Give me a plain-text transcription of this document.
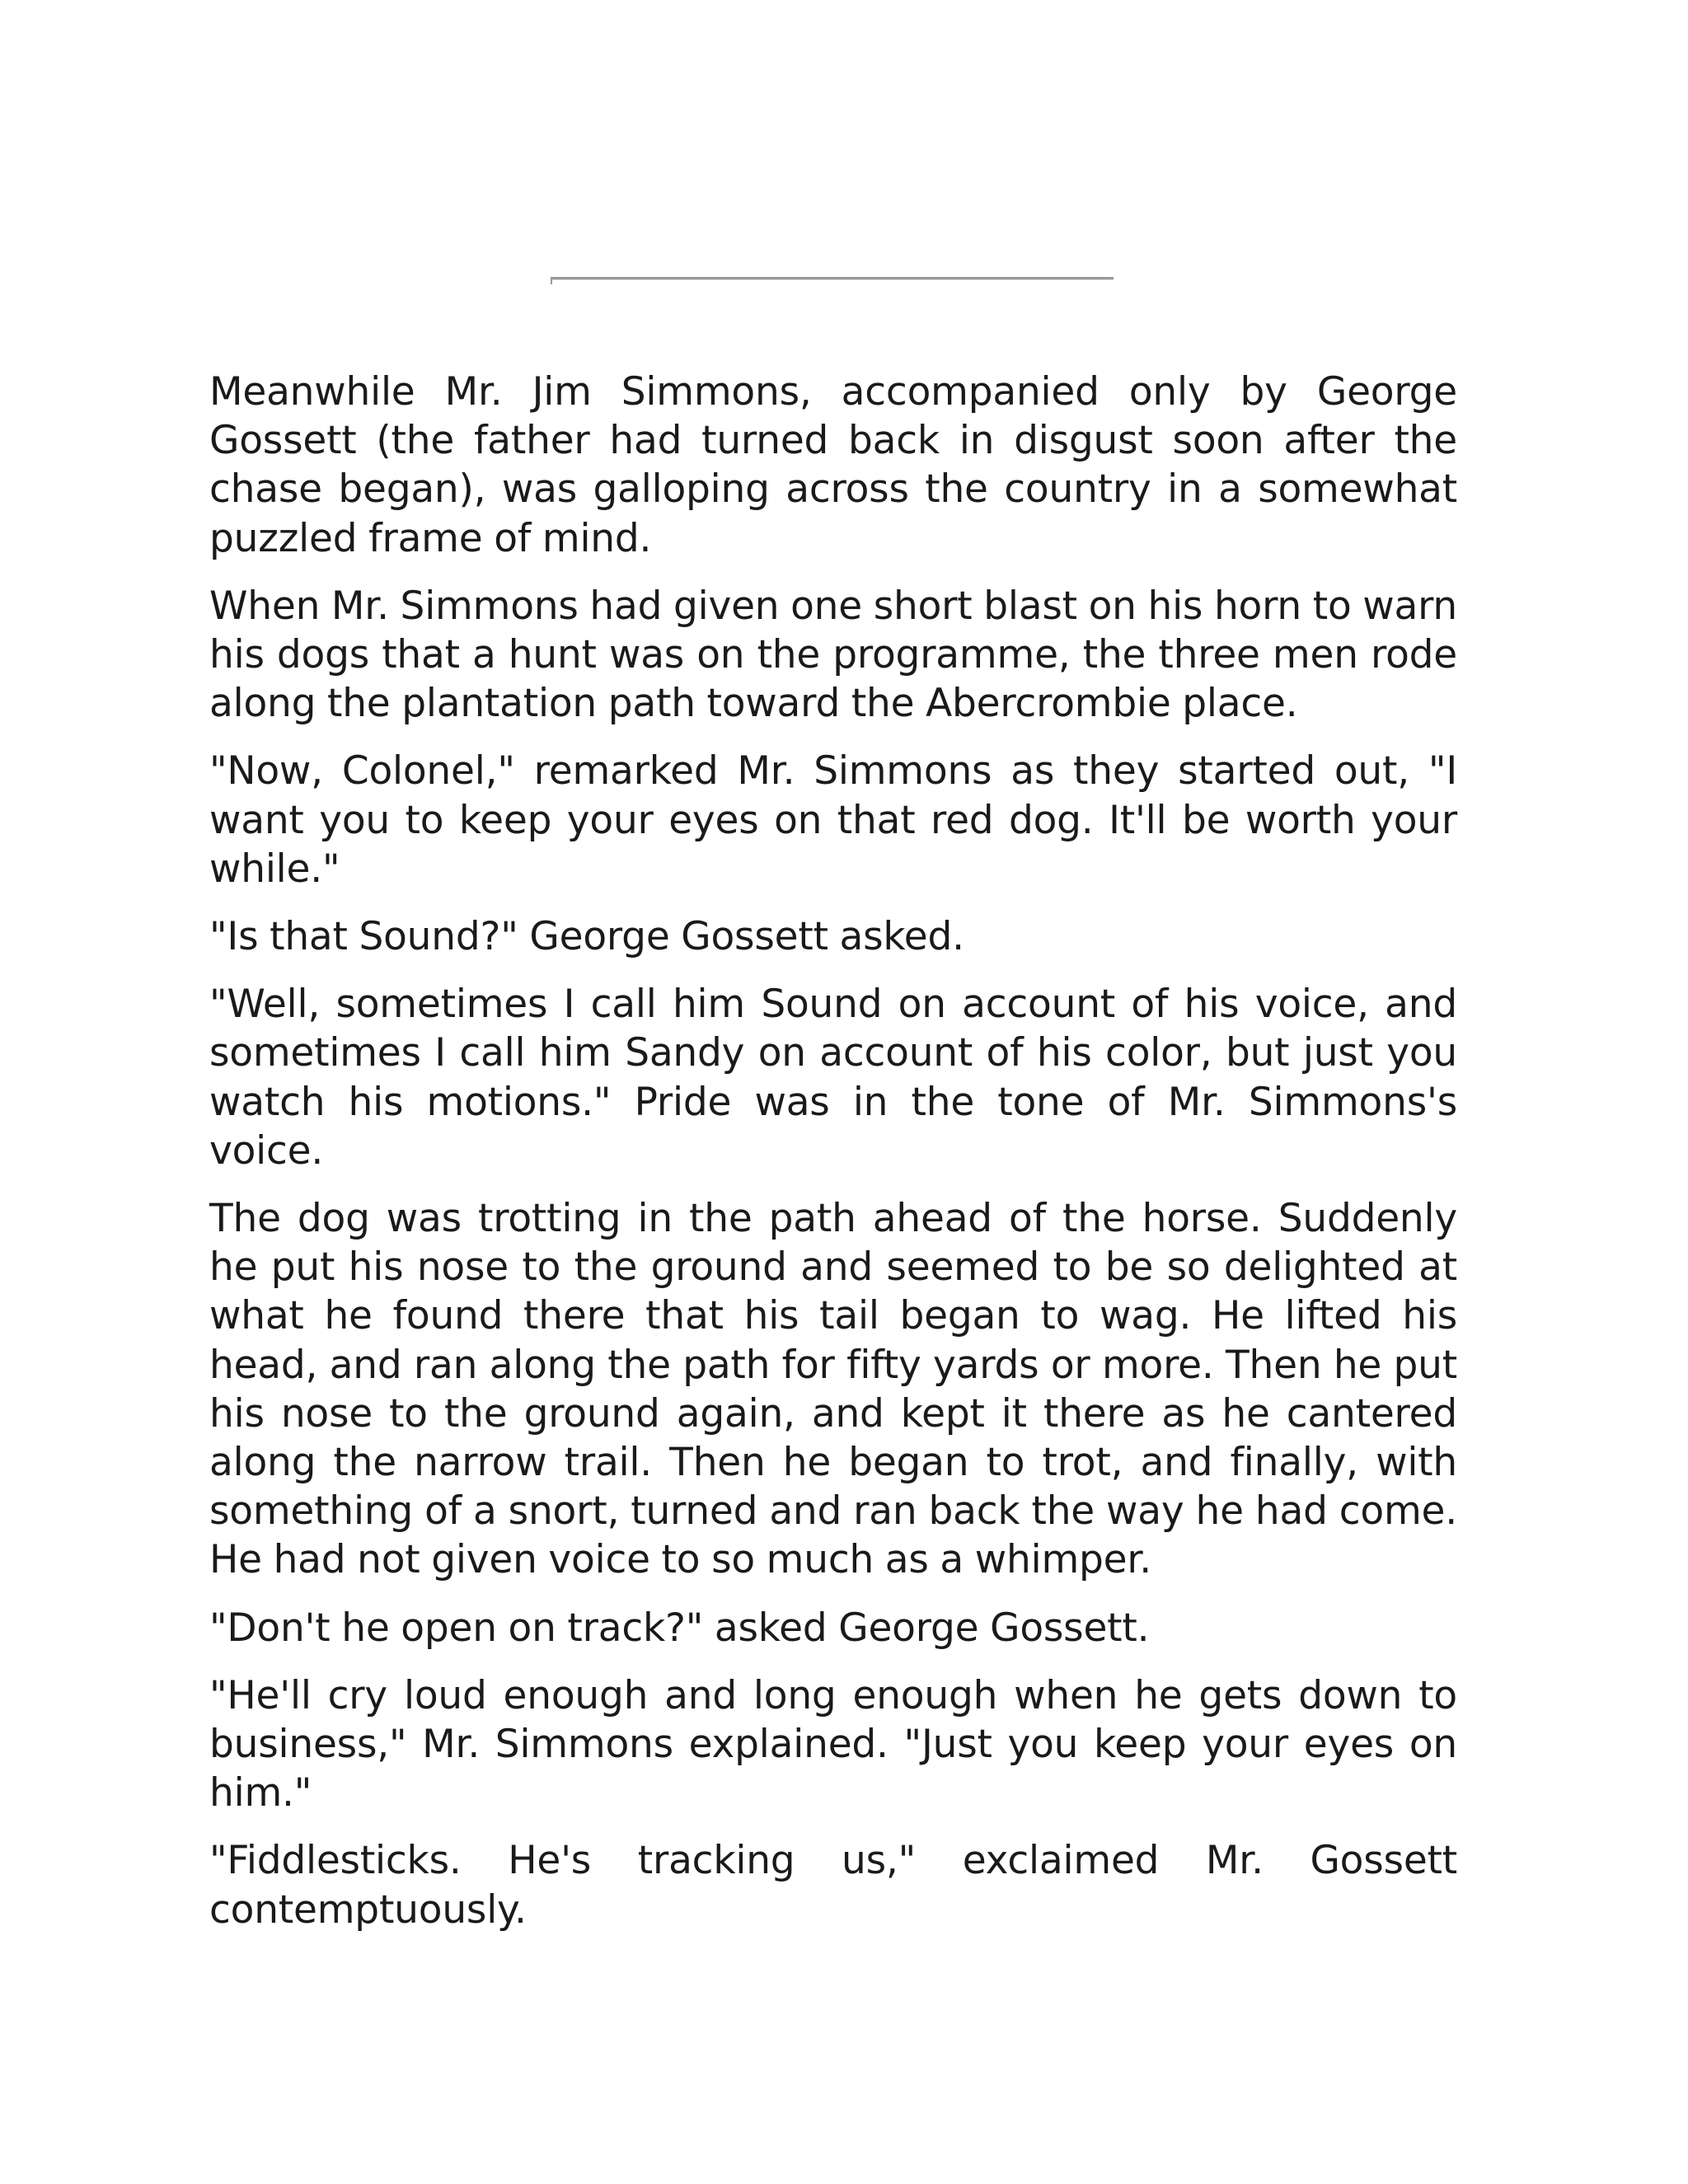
Meanwhile Mr. Jim Simmons, accompanied only by George Gossett (the father had turned back in disgust soon after the chase began), was galloping across the country in a somewhat puzzled frame of mind.

When Mr. Simmons had given one short blast on his horn to warn his dogs that a hunt was on the programme, the three men rode along the plantation path toward the Abercrombie place.

"Now, Colonel," remarked Mr. Simmons as they started out, "I want you to keep your eyes on that red dog. It'll be worth your while."

"Is that Sound?" George Gossett asked.

"Well, sometimes I call him Sound on account of his voice, and sometimes I call him Sandy on account of his color, but just you watch his motions." Pride was in the tone of Mr. Simmons's voice.

The dog was trotting in the path ahead of the horse. Suddenly he put his nose to the ground and seemed to be so delighted at what he found there that his tail began to wag. He lifted his head, and ran along the path for fifty yards or more. Then he put his nose to the ground again, and kept it there as he cantered along the narrow trail. Then he began to trot, and finally, with something of a snort, turned and ran back the way he had come. He had not given voice to so much as a whimper.

"Don't he open on track?" asked George Gossett.

"He'll cry loud enough and long enough when he gets down to business," Mr. Simmons explained. "Just you keep your eyes on him."

"Fiddlesticks. He's tracking us," exclaimed Mr. Gossett contemptuously.
